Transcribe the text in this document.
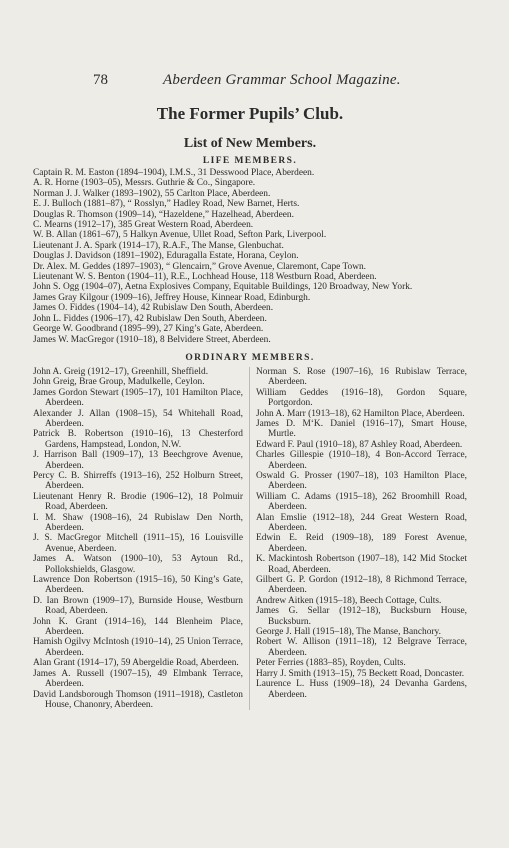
78	Aberdeen Grammar School Magazine.
The Former Pupils’ Club.
List of New Members.
LIFE MEMBERS.
Captain R. M. Easton (1894–1904), I.M.S., 31 Desswood Place, Aberdeen.
A. R. Horne (1903–05), Messrs. Guthrie & Co., Singapore.
Norman J. J. Walker (1893–1902), 55 Carlton Place, Aberdeen.
E. J. Bulloch (1881–87), “ Rosslyn,” Hadley Road, New Barnet, Herts.
Douglas R. Thomson (1909–14), “Hazeldene,” Hazelhead, Aberdeen.
C. Mearns (1912–17), 385 Great Western Road, Aberdeen.
W. B. Allan (1861–67), 5 Halkyn Avenue, Ullet Road, Sefton Park, Liverpool.
Lieutenant J. A. Spark (1914–17), R.A.F., The Manse, Glenbuchat.
Douglas J. Davidson (1891–1902), Eduragalla Estate, Horana, Ceylon.
Dr. Alex. M. Geddes (1897–1903), “ Glencairn,” Grove Avenue, Claremont, Cape Town.
Lieutenant W. S. Benton (1904–11), R.E., Lochhead House, 118 Westburn Road, Aberdeen.
John S. Ogg (1904–07), Aetna Explosives Company, Equitable Buildings, 120 Broadway, New York.
James Gray Kilgour (1909–16), Jeffrey House, Kinnear Road, Edinburgh.
James O. Fiddes (1904–14), 42 Rubislaw Den South, Aberdeen.
John L. Fiddes (1906–17), 42 Rubislaw Den South, Aberdeen.
George W. Goodbrand (1895–99), 27 King’s Gate, Aberdeen.
James W. MacGregor (1910–18), 8 Belvidere Street, Aberdeen.
ORDINARY MEMBERS.
John A. Greig (1912–17), Greenhill, Sheffield.
John Greig, Brae Group, Madulkelle, Ceylon.
James Gordon Stewart (1905–17), 101 Hamilton Place, Aberdeen.
Alexander J. Allan (1908–15), 54 Whitehall Road, Aberdeen.
Patrick B. Robertson (1910–16), 13 Chesterford Gardens, Hampstead, London, N.W.
J. Harrison Ball (1909–17), 13 Beechgrove Avenue, Aberdeen.
Percy C. B. Shirreffs (1913–16), 252 Holburn Street, Aberdeen.
Lieutenant Henry R. Brodie (1906–12), 18 Polmuir Road, Aberdeen.
I. M. Shaw (1908–16), 24 Rubislaw Den North, Aberdeen.
J. S. MacGregor Mitchell (1911–15), 16 Louisville Avenue, Aberdeen.
James A. Watson (1900–10), 53 Aytoun Rd., Pollokshields, Glasgow.
Lawrence Don Robertson (1915–16), 50 King’s Gate, Aberdeen.
D. Ian Brown (1909–17), Burnside House, Westburn Road, Aberdeen.
John K. Grant (1914–16), 144 Blenheim Place, Aberdeen.
Hamish Ogilvy McIntosh (1910–14), 25 Union Terrace, Aberdeen.
Alan Grant (1914–17), 59 Abergeldie Road, Aberdeen.
James A. Russell (1907–15), 49 Elmbank Terrace, Aberdeen.
David Landsborough Thomson (1911–1918), Castleton House, Chanonry, Aberdeen.
Norman S. Rose (1907–16), 16 Rubislaw Terrace, Aberdeen.
William Geddes (1916–18), Gordon Square, Portgordon.
John A. Marr (1913–18), 62 Hamilton Place, Aberdeen.
James D. M‘K. Daniel (1916–17), Smart House, Murtle.
Edward F. Paul (1910–18), 87 Ashley Road, Aberdeen.
Charles Gillespie (1910–18), 4 Bon-Accord Terrace, Aberdeen.
Oswald G. Prosser (1907–18), 103 Hamilton Place, Aberdeen.
William C. Adams (1915–18), 262 Broomhill Road, Aberdeen.
Alan Emslie (1912–18), 244 Great Western Road, Aberdeen.
Edwin E. Reid (1909–18), 189 Forest Avenue, Aberdeen.
K. Mackintosh Robertson (1907–18), 142 Mid Stocket Road, Aberdeen.
Gilbert G. P. Gordon (1912–18), 8 Richmond Terrace, Aberdeen.
Andrew Aitken (1915–18), Beech Cottage, Cults.
James G. Sellar (1912–18), Bucksburn House, Bucksburn.
George J. Hall (1915–18), The Manse, Banchory.
Robert W. Allison (1911–18), 12 Belgrave Terrace, Aberdeen.
Peter Ferries (1883–85), Royden, Cults.
Harry J. Smith (1913–15), 75 Beckett Road, Doncaster.
Laurence L. Huss (1909–18), 24 Devanha Gardens, Aberdeen.
